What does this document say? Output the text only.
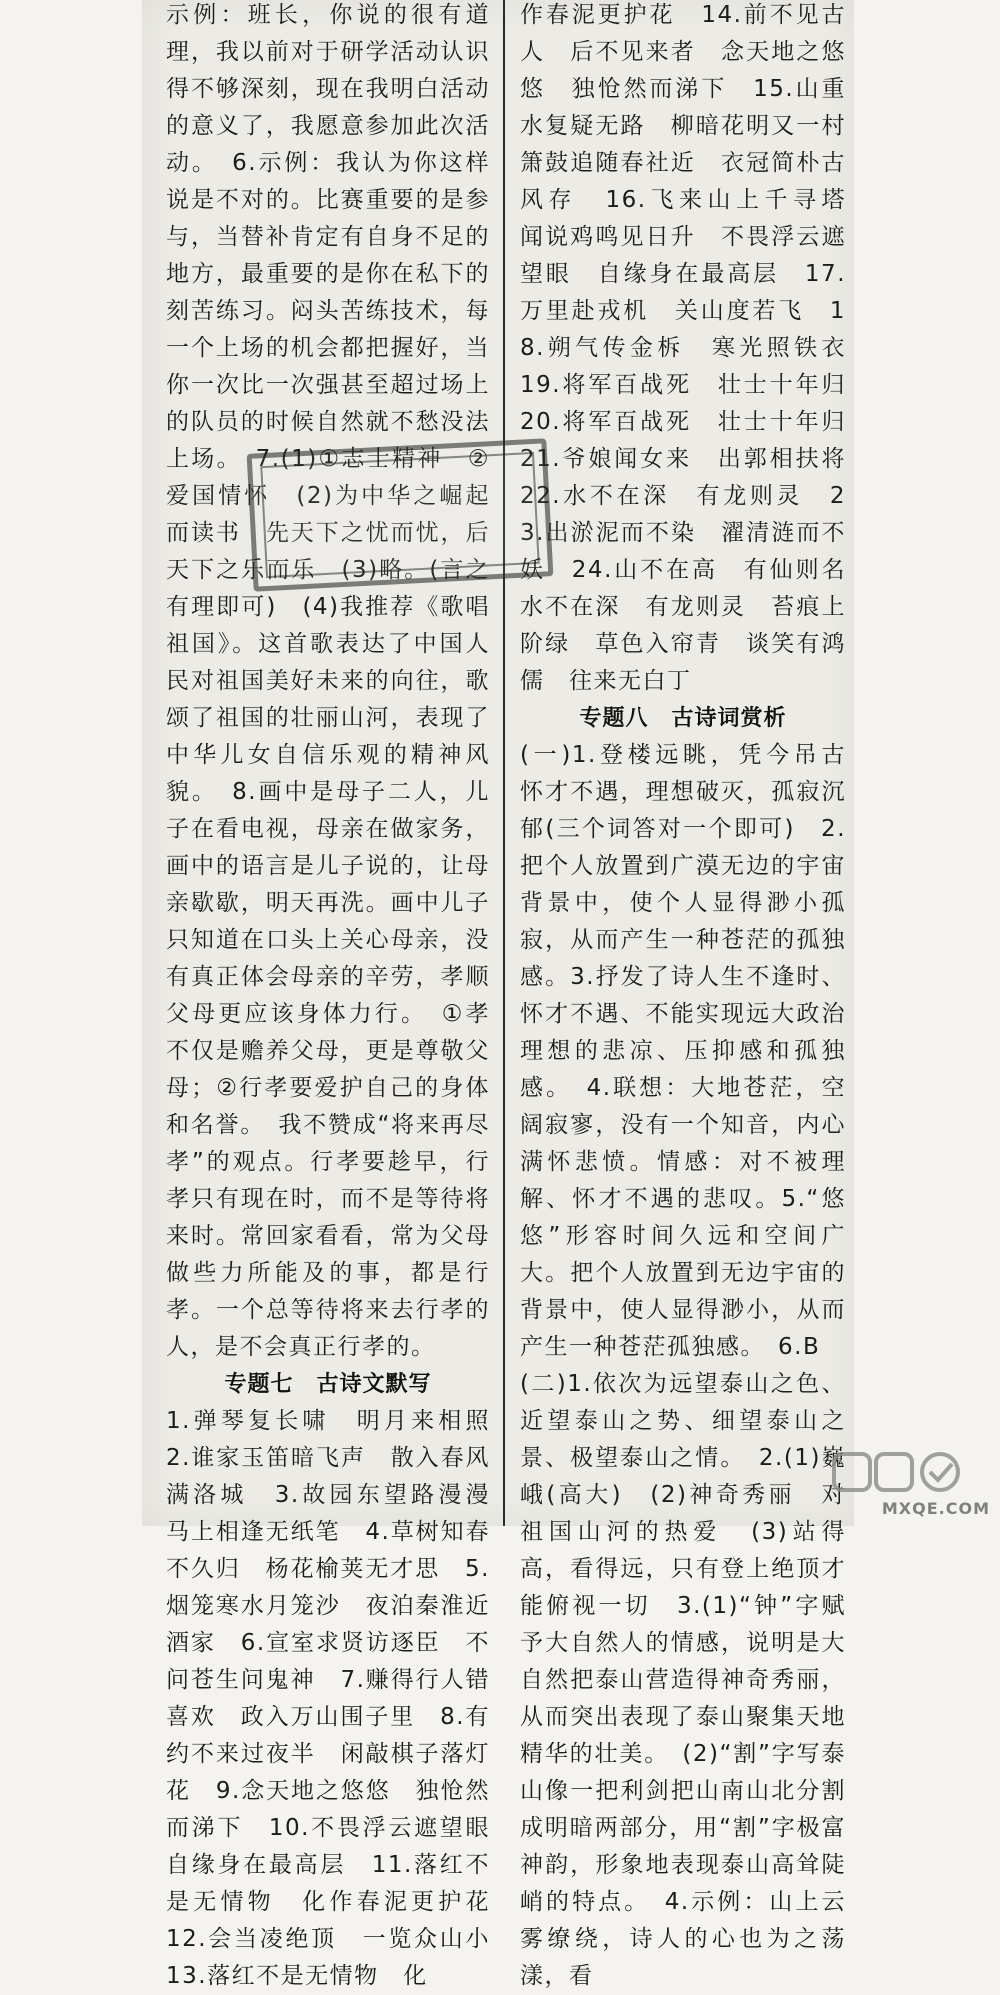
示例：班长，你说的很有道理，我以前对于研学活动认识得不够深刻，现在我明白活动的意义了，我愿意参加此次活动。　6.示例：我认为你这样说是不对的。比赛重要的是参与，当替补肯定有自身不足的地方，最重要的是你在私下的刻苦练习。闷头苦练技术，每一个上场的机会都把握好，当你一次比一次强甚至超过场上的队员的时候自然就不愁没法上场。　7.(1)①志士精神　②爱国情怀　(2)为中华之崛起而读书　先天下之忧而忧，后天下之乐而乐　(3)略。(言之有理即可)　(4)我推荐《歌唱祖国》。这首歌表达了中国人民对祖国美好未来的向往，歌颂了祖国的壮丽山河，表现了中华儿女自信乐观的精神风貌。　8.画中是母子二人，儿子在看电视，母亲在做家务，画中的语言是儿子说的，让母亲歇歇，明天再洗。画中儿子只知道在口头上关心母亲，没有真正体会母亲的辛劳，孝顺父母更应该身体力行。　①孝不仅是赡养父母，更是尊敬父母；②行孝要爱护自己的身体和名誉。　我不赞成“将来再尽孝”的观点。行孝要趁早，行孝只有现在时，而不是等待将来时。常回家看看，常为父母做些力所能及的事，都是行孝。一个总等待将来去行孝的人，是不会真正行孝的。

专题七　古诗文默写

1.弹琴复长啸　明月来相照　2.谁家玉笛暗飞声　散入春风满洛城　3.故园东望路漫漫　马上相逢无纸笔　4.草树知春不久归　杨花榆荚无才思　5.烟笼寒水月笼沙　夜泊秦淮近酒家　6.宣室求贤访逐臣　不问苍生问鬼神　7.赚得行人错喜欢　政入万山围子里　8.有约不来过夜半　闲敲棋子落灯花　9.念天地之悠悠　独怆然而涕下　10.不畏浮云遮望眼　自缘身在最高层　11.落红不是无情物　化作春泥更护花　12.会当凌绝顶　一览众山小　13.落红不是无情物　化

作春泥更护花　14.前不见古人　后不见来者　念天地之悠悠　独怆然而涕下　15.山重水复疑无路　柳暗花明又一村　箫鼓追随春社近　衣冠简朴古风存　16.飞来山上千寻塔　闻说鸡鸣见日升　不畏浮云遮望眼　自缘身在最高层　17.万里赴戎机　关山度若飞　18.朔气传金柝　寒光照铁衣　19.将军百战死　壮士十年归　20.将军百战死　壮士十年归　21.爷娘闻女来　出郭相扶将　22.水不在深　有龙则灵　23.出淤泥而不染　濯清涟而不妖　24.山不在高　有仙则名　水不在深　有龙则灵　苔痕上阶绿　草色入帘青　谈笑有鸿儒　往来无白丁

专题八　古诗词赏析

(一)1.登楼远眺，凭今吊古　怀才不遇，理想破灭，孤寂沉郁(三个词答对一个即可)　2.把个人放置到广漠无边的宇宙背景中，使个人显得渺小孤寂，从而产生一种苍茫的孤独感。3.抒发了诗人生不逢时、怀才不遇、不能实现远大政治理想的悲凉、压抑感和孤独感。　4.联想：大地苍茫，空阔寂寥，没有一个知音，内心满怀悲愤。情感：对不被理解、怀才不遇的悲叹。5.“悠悠”形容时间久远和空间广大。把个人放置到无边宇宙的背景中，使人显得渺小，从而产生一种苍茫孤独感。　6.B

(二)1.依次为远望泰山之色、近望泰山之势、细望泰山之景、极望泰山之情。　2.(1)巍峨(高大)　(2)神奇秀丽　对祖国山河的热爱　(3)站得高，看得远，只有登上绝顶才能俯视一切　3.(1)“钟”字赋予大自然人的情感，说明是大自然把泰山营造得神奇秀丽，从而突出表现了泰山聚集天地精华的壮美。　(2)“割”字写泰山像一把利剑把山南山北分割成明暗两部分，用“割”字极富神韵，形象地表现泰山高耸陡峭的特点。　4.示例：山上云雾缭绕，诗人的心也为之荡漾，看

MXQE.COM
